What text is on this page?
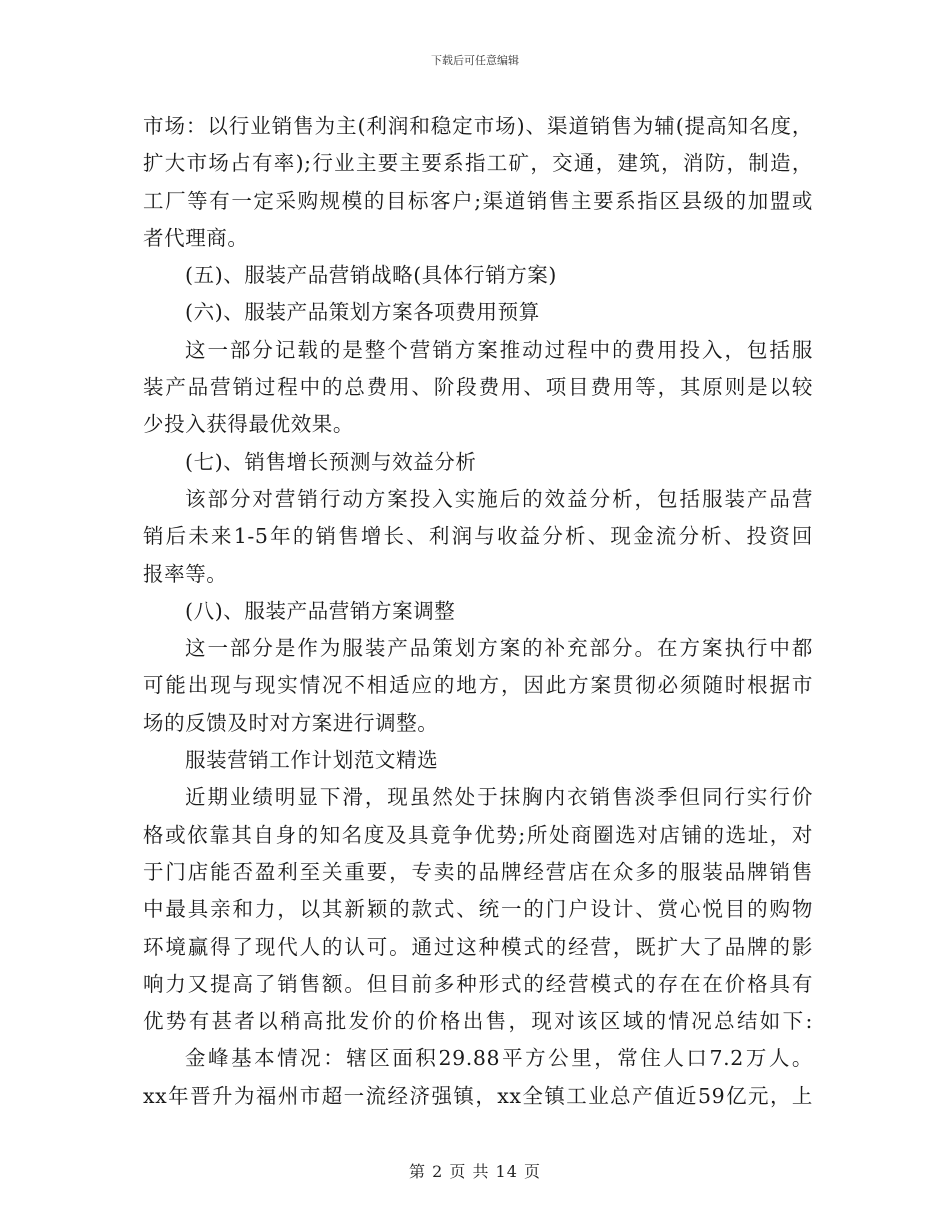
下载后可任意编辑
市场：以行业销售为主(利润和稳定市场)、渠道销售为辅(提高知名度，
扩大市场占有率);行业主要主要系指工矿，交通，建筑，消防，制造，
工厂等有一定采购规模的目标客户;渠道销售主要系指区县级的加盟或
者代理商。
(五)、服装产品营销战略(具体行销方案)
(六)、服装产品策划方案各项费用预算
这一部分记载的是整个营销方案推动过程中的费用投入，包括服
装产品营销过程中的总费用、阶段费用、项目费用等，其原则是以较
少投入获得最优效果。
(七)、销售增长预测与效益分析
该部分对营销行动方案投入实施后的效益分析，包括服装产品营
销后未来1-5年的销售增长、利润与收益分析、现金流分析、投资回
报率等。
(八)、服装产品营销方案调整
这一部分是作为服装产品策划方案的补充部分。在方案执行中都
可能出现与现实情况不相适应的地方，因此方案贯彻必须随时根据市
场的反馈及时对方案进行调整。
服装营销工作计划范文精选
近期业绩明显下滑，现虽然处于抹胸内衣销售淡季但同行实行价
格或依靠其自身的知名度及具竟争优势;所处商圈选对店铺的选址，对
于门店能否盈利至关重要，专卖的品牌经营店在众多的服装品牌销售
中最具亲和力，以其新颖的款式、统一的门户设计、赏心悦目的购物
环境赢得了现代人的认可。通过这种模式的经营，既扩大了品牌的影
响力又提高了销售额。但目前多种形式的经营模式的存在在价格具有
优势有甚者以稍高批发价的价格出售，现对该区域的情况总结如下:
金峰基本情况：辖区面积29.88平方公里，常住人口7.2万人。
xx年晋升为福州市超一流经济强镇，xx全镇工业总产值近59亿元，上
第 2 页 共 14 页
